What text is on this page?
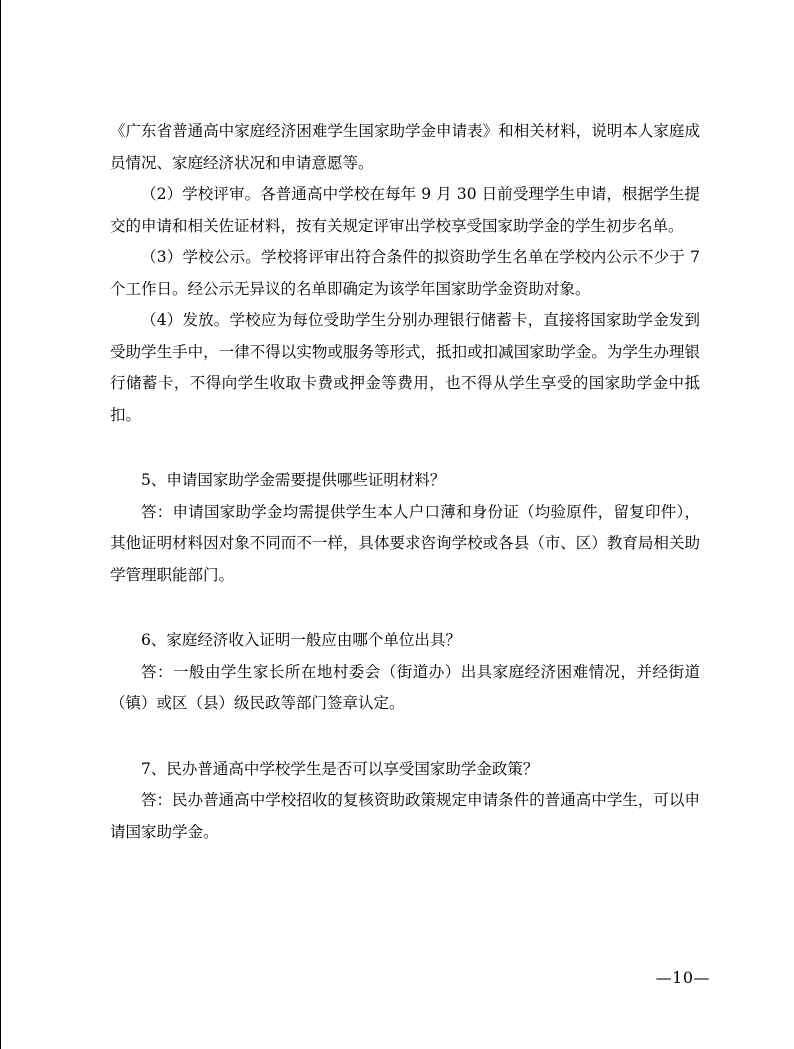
《广东省普通高中家庭经济困难学生国家助学金申请表》和相关材料，说明本人家庭成员情况、家庭经济状况和申请意愿等。

（2）学校评审。各普通高中学校在每年 9 月 30 日前受理学生申请，根据学生提交的申请和相关佐证材料，按有关规定评审出学校享受国家助学金的学生初步名单。

（3）学校公示。学校将评审出符合条件的拟资助学生名单在学校内公示不少于 7 个工作日。经公示无异议的名单即确定为该学年国家助学金资助对象。

（4）发放。学校应为每位受助学生分别办理银行储蓄卡，直接将国家助学金发到受助学生手中，一律不得以实物或服务等形式，抵扣或扣减国家助学金。为学生办理银行储蓄卡，不得向学生收取卡费或押金等费用，也不得从学生享受的国家助学金中抵扣。

5、申请国家助学金需要提供哪些证明材料？

答：申请国家助学金均需提供学生本人户口薄和身份证（均验原件，留复印件），其他证明材料因对象不同而不一样，具体要求咨询学校或各县（市、区）教育局相关助学管理职能部门。

6、家庭经济收入证明一般应由哪个单位出具？

答：一般由学生家长所在地村委会（街道办）出具家庭经济困难情况，并经街道（镇）或区（县）级民政等部门签章认定。

7、民办普通高中学校学生是否可以享受国家助学金政策？

答：民办普通高中学校招收的复核资助政策规定申请条件的普通高中学生，可以申请国家助学金。

—10—
